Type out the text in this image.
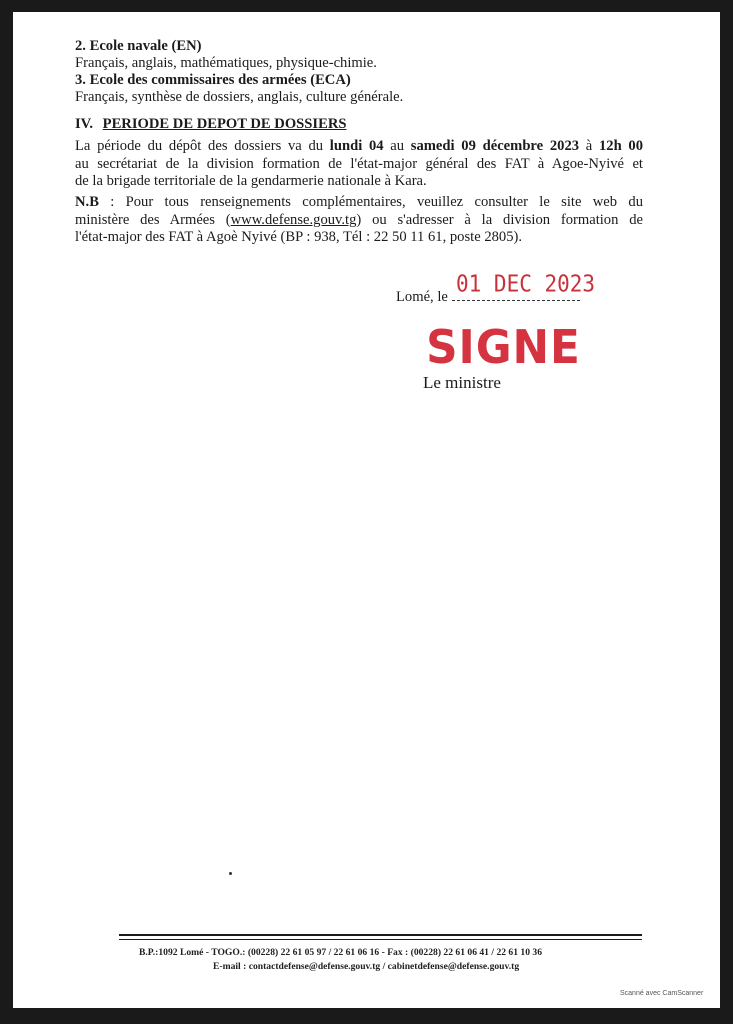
2. Ecole navale (EN)
Français, anglais, mathématiques, physique-chimie.
3. Ecole des commissaires des armées (ECA)
Français, synthèse de dossiers, anglais, culture générale.
IV. PERIODE DE DEPOT DE DOSSIERS
La période du dépôt des dossiers va du lundi 04 au samedi 09 décembre 2023 à 12h 00
au secrétariat de la division formation de l'état-major général des FAT à Agoe-Nyivé et
de la brigade territoriale de la gendarmerie nationale à Kara.
N.B : Pour tous renseignements complémentaires, veuillez consulter le site web du
ministère des Armées (www.defense.gouv.tg) ou s'adresser à la division formation de
l'état-major des FAT à Agoè Nyivé (BP : 938, Tél : 22 50 11 61, poste 2805).
Lomé, le
01 DEC 2023
SIGNE
Le ministre
B.P.:1092 Lomé - TOGO.: (00228) 22 61 05 97 / 22 61 06 16 - Fax : (00228) 22 61 06 41 / 22 61 10 36
E-mail : contactdefense@defense.gouv.tg / cabinetdefense@defense.gouv.tg
Scanné avec CamScanner
